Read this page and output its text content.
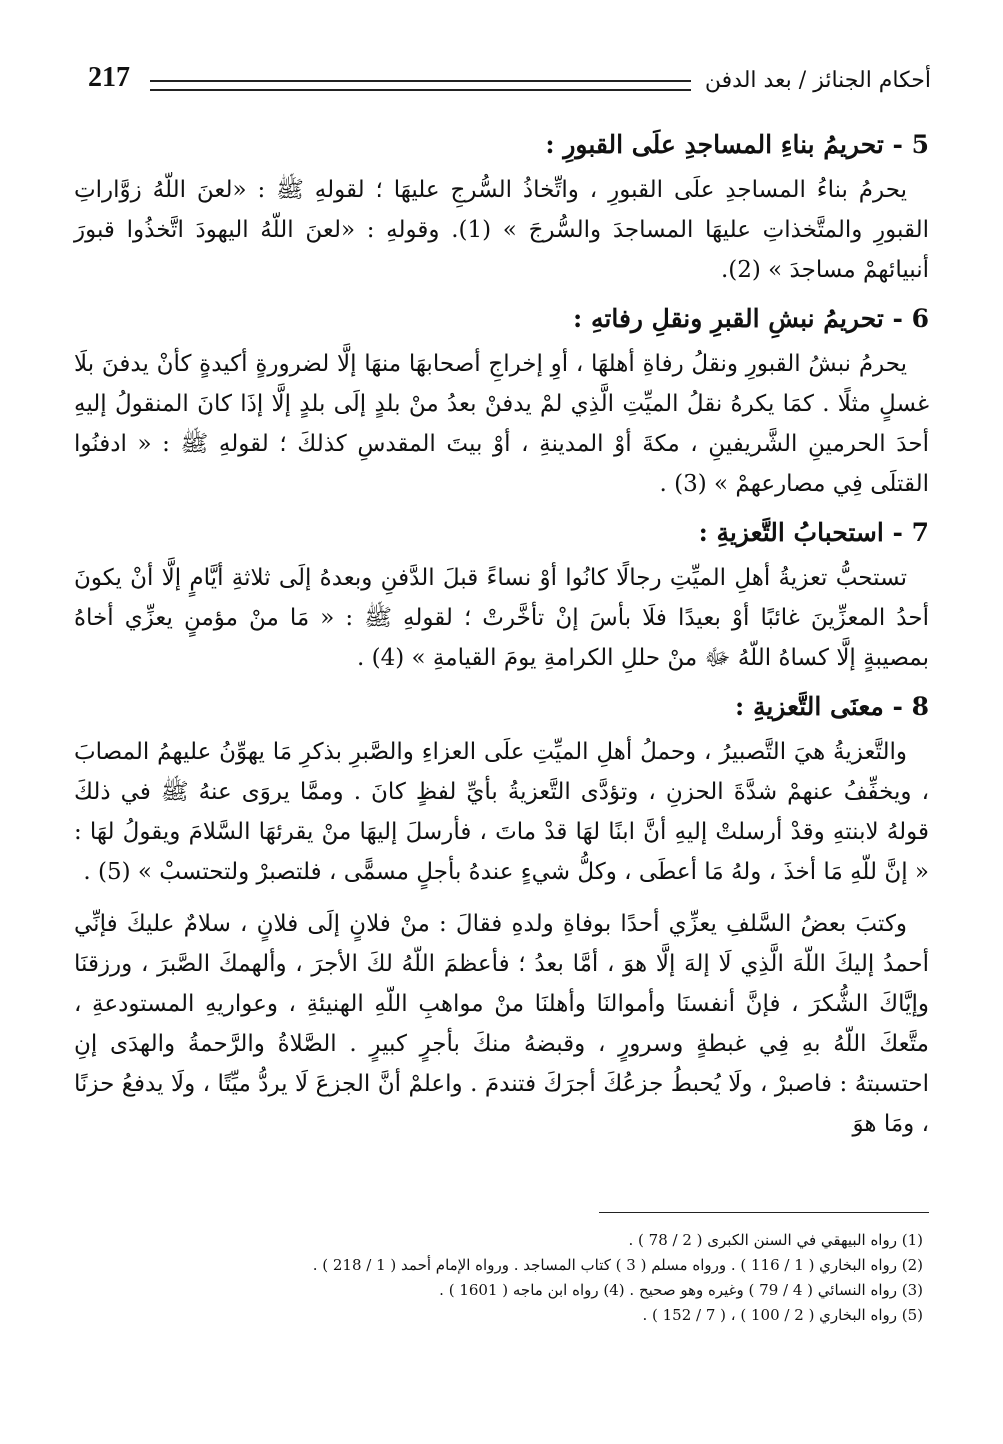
أحكام الجنائز / بعد الدفن
217
5 - تحريمُ بناءِ المساجدِ علَى القبورِ :

يحرمُ بناءُ المساجدِ علَى القبورِ ، واتِّخاذُ السُّرجِ عليهَا ؛ لقولهِ ﷺ : «لعنَ اللّهُ زوَّاراتِ القبورِ والمتَّخذاتِ عليهَا المساجدَ والسُّرجَ » (1). وقولهِ : «لعنَ اللّهُ اليهودَ اتَّخذُوا قبورَ أنبيائهمْ مساجدَ » (2).

6 - تحريمُ نبشِ القبرِ ونقلِ رفاتهِ :

يحرمُ نبشُ القبورِ ونقلُ رفاةِ أهلهَا ، أوِ إخراجِ أصحابهَا منهَا إلَّا لضرورةٍ أكيدةٍ كأنْ يدفنَ بلَا غسلٍ مثلًا . كمَا يكرهُ نقلُ الميِّتِ الَّذِي لمْ يدفنْ بعدُ منْ بلدٍ إلَى بلدٍ إلَّا إذَا كانَ المنقولُ إليهِ أحدَ الحرمينِ الشَّريفينِ ، مكةَ أوْ المدينةِ ، أوْ بيتَ المقدسِ كذلكَ ؛ لقولهِ ﷺ : « ادفنُوا القتلَى فِي مصارعهمْ » (3) .

7 - استحبابُ التَّعزيةِ :

تستحبُّ تعزيةُ أهلِ الميِّتِ رجالًا كانُوا أوْ نساءً قبلَ الدَّفنِ وبعدهُ إلَى ثلاثةِ أيَّامٍ إلَّا أنْ يكونَ أحدُ المعزِّينَ غائبًا أوْ بعيدًا فلَا بأسَ إنْ تأخَّرتْ ؛ لقولهِ ﷺ : « مَا منْ مؤمنٍ يعزِّي أخاهُ بمصيبةٍ إلَّا كساهُ اللّهُ ﷻ منْ حللِ الكرامةِ يومَ القيامةِ » (4) .

8 - معنَى التَّعزيةِ :

والتَّعزيةُ هيَ التَّصبيرُ ، وحملُ أهلِ الميِّتِ علَى العزاءِ والصَّبرِ بذكرِ مَا يهوِّنُ عليهمُ المصابَ ، ويخفِّفُ عنهمْ شدَّةَ الحزنِ ، وتؤدَّى التَّعزيةُ بأيِّ لفظٍ كانَ . وممَّا يروَى عنهُ ﷺ في ذلكَ قولهُ لابنتهِ وقدْ أرسلتْ إليهِ أنَّ ابنًا لهَا قدْ ماتَ ، فأرسلَ إليهَا منْ يقرئهَا السَّلامَ ويقولُ لهَا : « إنَّ للّهِ مَا أخذَ ، ولهُ مَا أعطَى ، وكلُّ شيءٍ عندهُ بأجلٍ مسمًّى ، فلتصبرْ ولتحتسبْ » (5) .

وكتبَ بعضُ السَّلفِ يعزِّي أحدًا بوفاةِ ولدهِ فقالَ : منْ فلانٍ إلَى فلانٍ ، سلامٌ عليكَ فإنِّي أحمدُ إليكَ اللّهَ الَّذِي لَا إلهَ إلَّا هوَ ، أمَّا بعدُ ؛ فأعظمَ اللّهُ لكَ الأجرَ ، وألهمكَ الصَّبرَ ، ورزقنَا وإيَّاكَ الشُّكرَ ، فإنَّ أنفسنَا وأموالنَا وأهلنَا منْ مواهبِ اللّهِ الهنيئةِ ، وعواريهِ المستودعةِ ، متَّعكَ اللّهُ بهِ فِي غبطةٍ وسرورٍ ، وقبضهُ منكَ بأجرٍ كبيرٍ . الصَّلاةُ والرَّحمةُ والهدَى إنِ احتسبتهُ : فاصبرْ ، ولَا يُحبطُ جزعُكَ أجرَكَ فتندمَ . واعلمْ أنَّ الجزعَ لَا يردُّ ميِّتًا ، ولَا يدفعُ حزنًا ، ومَا هوَ

(1) رواه البيهقي في السنن الكبرى ( 2 / 78 ) .
(2) رواه البخاري ( 1 / 116 ) . ورواه مسلم ( 3 ) كتاب المساجد . ورواه الإمام أحمد ( 1 / 218 ) .
(3) رواه النسائي ( 4 / 79 ) وغيره وهو صحيح . (4) رواه ابن ماجه ( 1601 ) .
(5) رواه البخاري ( 2 / 100 ) ، ( 7 / 152 ) .
